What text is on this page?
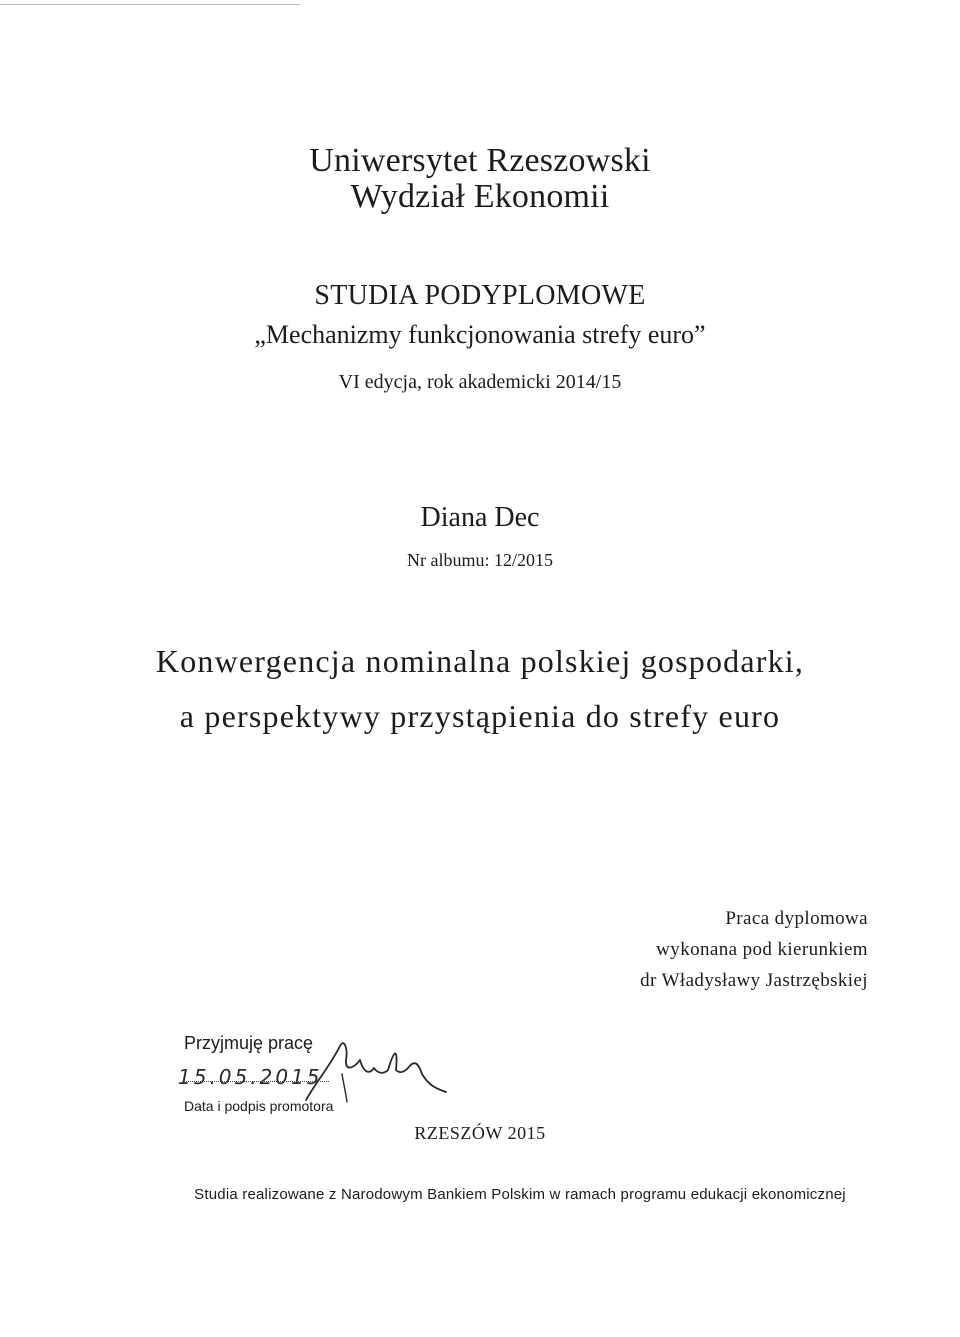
Uniwersytet Rzeszowski
Wydział Ekonomii
STUDIA PODYPLOMOWE
„Mechanizmy funkcjonowania strefy euro”
VI edycja, rok akademicki 2014/15
Diana Dec
Nr albumu: 12/2015
Konwergencja nominalna polskiej gospodarki,
a perspektywy przystąpienia do strefy euro
Praca dyplomowa
wykonana pod kierunkiem
dr Władysławy Jastrzębskiej
Przyjmuję pracę
15.05.2015
Data i podpis promotora
RZESZÓW 2015
Studia realizowane z Narodowym Bankiem Polskim w ramach programu edukacji ekonomicznej
